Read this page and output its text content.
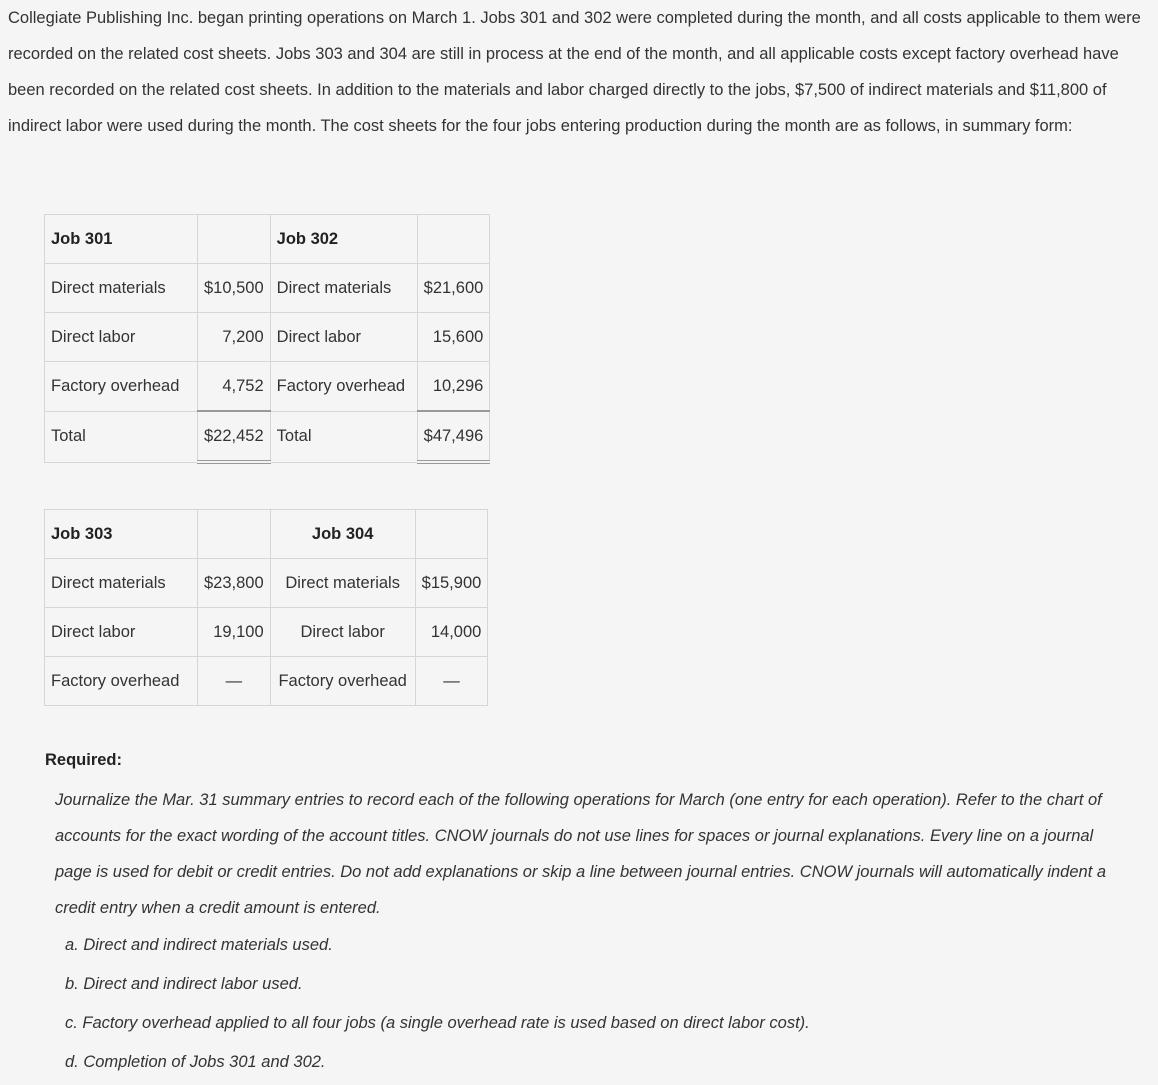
Collegiate Publishing Inc. began printing operations on March 1. Jobs 301 and 302 were completed during the month, and all costs applicable to them were recorded on the related cost sheets. Jobs 303 and 304 are still in process at the end of the month, and all applicable costs except factory overhead have been recorded on the related cost sheets. In addition to the materials and labor charged directly to the jobs, $7,500 of indirect materials and $11,800 of indirect labor were used during the month. The cost sheets for the four jobs entering production during the month are as follows, in summary form:

Job 301		Job 302	
Direct materials	$10,500	Direct materials	$21,600
Direct labor	7,200	Direct labor	15,600
Factory overhead	4,752	Factory overhead	10,296
Total	$22,452	Total	$47,496
Job 303		Job 304	
Direct materials	$23,800	Direct materials	$15,900
Direct labor	19,100	Direct labor	14,000
Factory overhead	—	Factory overhead	—

Required:

Journalize the Mar. 31 summary entries to record each of the following operations for March (one entry for each operation). Refer to the chart of accounts for the exact wording of the account titles. CNOW journals do not use lines for spaces or journal explanations. Every line on a journal page is used for debit or credit entries. Do not add explanations or skip a line between journal entries. CNOW journals will automatically indent a credit entry when a credit amount is entered.

a. Direct and indirect materials used.
b. Direct and indirect labor used.
c. Factory overhead applied to all four jobs (a single overhead rate is used based on direct labor cost).
d. Completion of Jobs 301 and 302.
